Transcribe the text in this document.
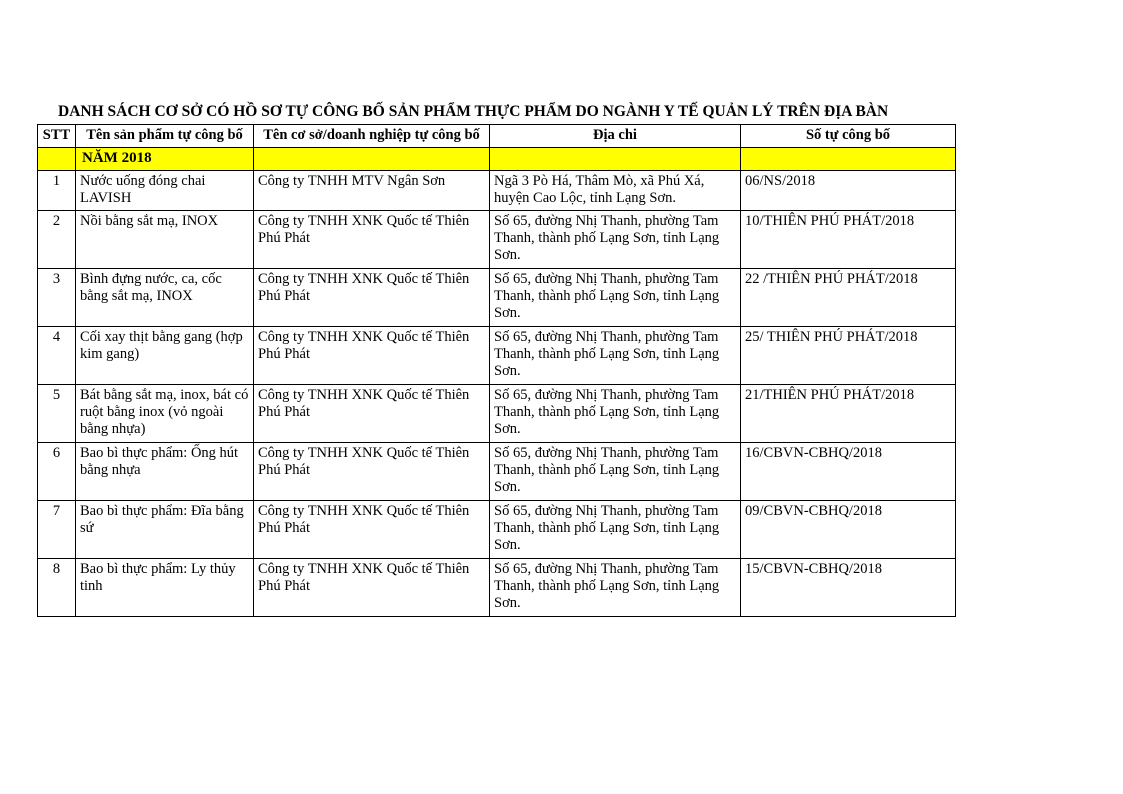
DANH SÁCH CƠ SỞ CÓ HỒ SƠ TỰ CÔNG BỐ SẢN PHẨM THỰC PHẨM DO NGÀNH Y TẾ QUẢN LÝ TRÊN ĐỊA BÀN
STT	Tên sản phẩm tự công bố	Tên cơ sở/doanh nghiệp tự công bố	Địa chi	Số tự công bố
	NĂM 2018			
1	Nước uống đóng chai LAVISH	Công ty TNHH MTV Ngân Sơn	Ngã 3 Pò Há, Thâm Mò, xã Phú Xá, huyện Cao Lộc, tỉnh Lạng Sơn.	06/NS/2018
2	Nồi bằng sắt mạ, INOX	Công ty TNHH XNK Quốc tế Thiên Phú Phát	Số 65, đường Nhị Thanh, phường Tam Thanh, thành phố Lạng Sơn, tỉnh Lạng Sơn.	10/THIÊN PHÚ PHÁT/2018
3	Bình đựng nước, ca, cốc bằng sắt mạ, INOX	Công ty TNHH XNK Quốc tế Thiên Phú Phát	Số 65, đường Nhị Thanh, phường Tam Thanh, thành phố Lạng Sơn, tỉnh Lạng Sơn.	22 /THIÊN PHÚ PHÁT/2018
4	Cối xay thịt bằng gang (hợp kim gang)	Công ty TNHH XNK Quốc tế Thiên Phú Phát	Số 65, đường Nhị Thanh, phường Tam Thanh, thành phố Lạng Sơn, tỉnh Lạng Sơn.	25/ THIÊN PHÚ PHÁT/2018
5	Bát bằng sắt mạ, inox, bát có ruột bằng inox (vỏ ngoài bằng nhựa)	Công ty TNHH XNK Quốc tế Thiên Phú Phát	Số 65, đường Nhị Thanh, phường Tam Thanh, thành phố Lạng Sơn, tỉnh Lạng Sơn.	21/THIÊN PHÚ PHÁT/2018
6	Bao bì thực phẩm: Ống hút bằng nhựa	Công ty TNHH XNK Quốc tế Thiên Phú Phát	Số 65, đường Nhị Thanh, phường Tam Thanh, thành phố Lạng Sơn, tỉnh Lạng Sơn.	16/CBVN-CBHQ/2018
7	Bao bì thực phẩm: Đĩa bằng sứ	Công ty TNHH XNK Quốc tế Thiên Phú Phát	Số 65, đường Nhị Thanh, phường Tam Thanh, thành phố Lạng Sơn, tỉnh Lạng Sơn.	09/CBVN-CBHQ/2018
8	Bao bì thực phẩm: Ly thủy tinh	Công ty TNHH XNK Quốc tế Thiên Phú Phát	Số 65, đường Nhị Thanh, phường Tam Thanh, thành phố Lạng Sơn, tỉnh Lạng Sơn.	15/CBVN-CBHQ/2018
